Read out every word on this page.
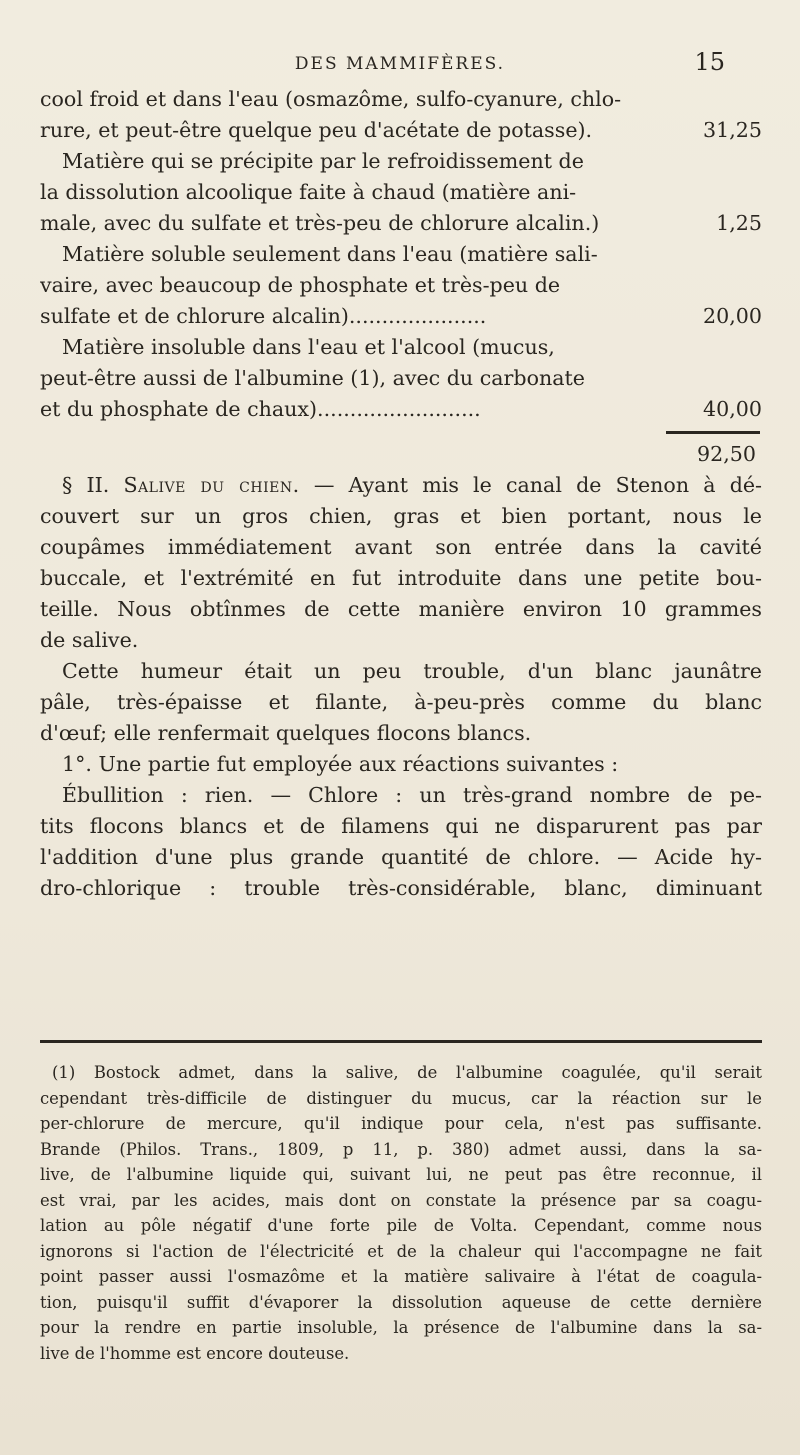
DES MAMMIFÈRES.	15
cool froid et dans l'eau (osmazôme, sulfo-cyanure, chlo-
rure, et peut-être quelque peu d'acétate de potasse).	31,25
Matière qui se précipite par le refroidissement de
la dissolution alcoolique faite à chaud (matière ani-
male, avec du sulfate et très-peu de chlorure alcalin.)	1,25
Matière soluble seulement dans l'eau (matière sali-
vaire, avec beaucoup de phosphate et très-peu de
sulfate et de chlorure alcalin).....................	20,00
Matière insoluble dans l'eau et l'alcool (mucus,
peut-être aussi de l'albumine (1), avec du carbonate
et du phosphate de chaux).........................	40,00
92,50
§ II. Salive du chien. — Ayant mis le canal de Stenon à dé-
couvert sur un gros chien, gras et bien portant, nous le
coupâmes immédiatement avant son entrée dans la cavité
buccale, et l'extrémité en fut introduite dans une petite bou-
teille. Nous obtînmes de cette manière environ 10 grammes
de salive.
Cette humeur était un peu trouble, d'un blanc jaunâtre
pâle, très-épaisse et filante, à-peu-près comme du blanc
d'œuf; elle renfermait quelques flocons blancs.
1°. Une partie fut employée aux réactions suivantes :
Ébullition : rien. — Chlore : un très-grand nombre de pe-
tits flocons blancs et de filamens qui ne disparurent pas par
l'addition d'une plus grande quantité de chlore. — Acide hy-
dro-chlorique : trouble très-considérable, blanc, diminuant
(1) Bostock admet, dans la salive, de l'albumine coagulée, qu'il serait
cependant très-difficile de distinguer du mucus, car la réaction sur le
per-chlorure de mercure, qu'il indique pour cela, n'est pas suffisante.
Brande (Philos. Trans., 1809, p 11, p. 380) admet aussi, dans la sa-
live, de l'albumine liquide qui, suivant lui, ne peut pas être reconnue, il
est vrai, par les acides, mais dont on constate la présence par sa coagu-
lation au pôle négatif d'une forte pile de Volta. Cependant, comme nous
ignorons si l'action de l'électricité et de la chaleur qui l'accompagne ne fait
point passer aussi l'osmazôme et la matière salivaire à l'état de coagula-
tion, puisqu'il suffit d'évaporer la dissolution aqueuse de cette dernière
pour la rendre en partie insoluble, la présence de l'albumine dans la sa-
live de l'homme est encore douteuse.
